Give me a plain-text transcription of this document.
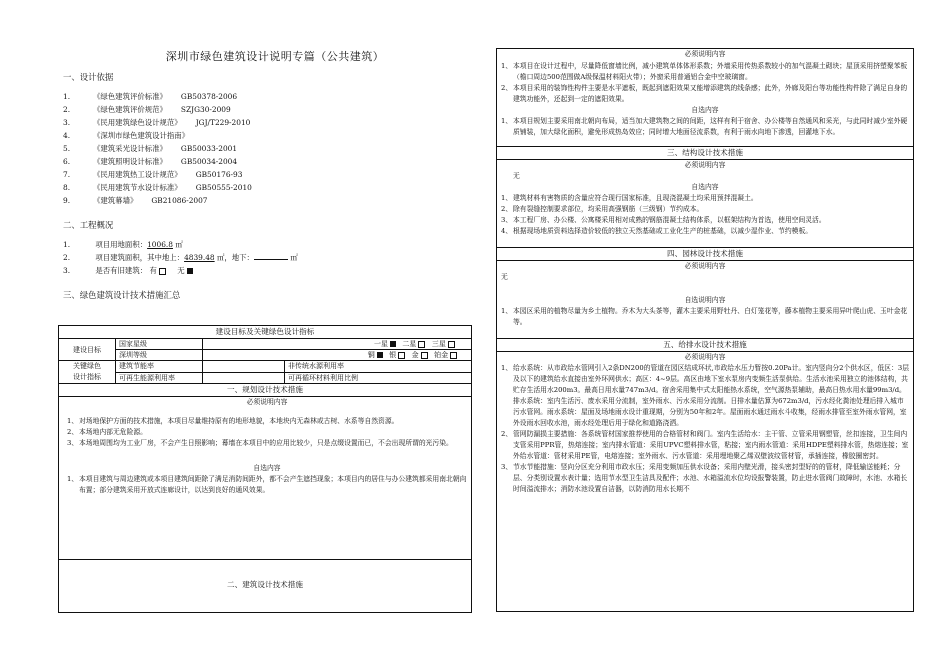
深圳市绿色建筑设计说明专篇（公共建筑）
一、设计依据
1.	《绿色建筑评价标准》 GB50378-2006
2.	《绿色建筑评价规范》 SZJG30-2009
3.	《民用建筑绿色设计规范》 JGJ/T229-2010
4.	《深圳市绿色建筑设计指南》
5.	《建筑采光设计标准》 GB50033-2001
6.	《建筑照明设计标准》 GB50034-2004
7.	《民用建筑热工设计规范》 GB50176-93
8.	《民用建筑节水设计标准》 GB50555-2010
9.	《建筑幕墙》 GB21086-2007
二、工程概况
1.	项目用地面积：1006.8 ㎡
2.	项目建筑面积，其中地上：4839.48 ㎡，地下：	㎡
3.	是否有旧建筑： 有	无
三、绿色建筑设计技术措施汇总
建设目标及关键绿色设计指标
建设目标	国家星级	一星 二星 三星	
	深圳等级	铜 银 金 铂金	

关键绿色
设计指标	建筑节能率		非传统水源利用率
	可再生能源利用率		可再循环材料利用比例
一、规划设计技术措施
必须说明内容
1、 对场地保护方面的技术措施，本项目尽量维持原有的地形地貌，本地块内无森林或古树、水系等自然资源。
2、 本场地内部无危险源。
3、 本场地周围均为工业厂房，不会产生日照影响；幕墙在本项目中的应用比较少，只是点缀设置而已，不会出现所谓的光污染。
自选内容
1、 本项目建筑与周边建筑或本项目建筑间距除了满足消防间距外，都不会产生遮挡现象；本项目内的居住与办公建筑都采用南北朝向布置；部分建筑采用开放式连廊设计，以达到良好的通风效果。
二、建筑设计技术措施
必须说明内容
1、 本项目在设计过程中，尽量降低窗墙比例，减小建筑单体体形系数；外墙采用传热系数较小的加气混凝土砌块；屋顶采用挤塑聚苯板（檐口周边500范围做A级保温材料阳火带）；外窗采用普通铝合金中空玻璃窗。
2、 本项目采用的装饰性构件主要是水平遮板，既起到遮阳效果又能增添建筑的线条感；此外，外廊及阳台等功能性构件除了满足自身的建筑功能外，还起到一定的遮阳效果。
自选内容
1、 本项目规划主要采用南北朝向布局，适当加大建筑物之间的间距，这样有利于宿舍、办公楼等自然通风和采光，与此同时减少室外硬质铺装，加大绿化面积，避免形成热岛效应；同时增大地面径流系数，有利于雨水向地下渗透，回灌地下水。
三、结构设计技术措施
必须说明内容
无
自选内容
1、 建筑材料有害物质的含量应符合现行国家标准，且现浇混凝土均采用预拌混凝土。
2、 除有裂缝控制要求部位，均采用高强钢筋（三级钢）节约成本。
3、 本工程厂房、办公楼、公寓楼采用相对成熟的钢筋混凝土结构体系，以框架结构为首选，使用空间灵活。
4、 根据现场地质资料选择造价较低的独立天然基础或工业化生产的桩基础，以减少湿作业、节约模板。
四、园林设计技术措施
必须说明内容
无
自选说明内容
1、 本园区采用的植物尽量为乡土植物。乔木为大头茶等，灌木主要采用野牡丹、白灯笼花等，藤本植物主要采用异叶爬山虎、玉叶金花等。
五、给排水设计技术措施
必须说明内容
1、 给水系统：从市政给水管网引入2条DN200的管道在园区结成环状,市政给水压力暂按0.20Pa计。室内竖向分2个供水区，低区：3层及以下的建筑给水直接由室外环网供水；高区：4~9层。高区由地下室水泵房内变频生活泵供给。生活水池采用独立的池体结构，共贮存生活用水200m3。最高日用水量747m3/d。宿舍采用集中式太阳能热水系统，空气源热泵辅助，最高日热水用水量99m3/d。排水系统：室内生活污、废水采用分流制，室外雨水、污水采用分流制。日排水量估算为672m3/d，污水经化粪池处理后排入城市污水管网。雨水系统：屋面及场地雨水设计重现期，分别为50年和2年。屋面雨水通过雨水斗收集，经雨水排管至室外雨水管网，室外设雨水回收水池，雨水经处理后用于绿化和道路浇洒。
2、 管网防漏损主要措施：各系统管材国家推荐使用的合格管材和阀门。室内生活给水：主干管、立管采用钢塑管，丝扣连接，卫生间内支管采用PPR管，热熔连接；室内排水管道：采用UPVC塑料排水管，粘接；室内雨水管道：采用HDPE塑料排水管，热熔连接；室外给水管道：管材采用PE管，电熔连接；室外雨水、污水管道：采用埋地聚乙烯双壁波纹管材管，承插连接，橡胶圈密封。
3、 节水节能措施：竖向分区充分利用市政水压；采用变频加压供水设备；采用内壁光滑，接头密封型好的的管材，降低输送能耗；分层、分类别设置水表计量；选用节水型卫生洁具及配件；水池、水箱溢流水位均设报警装置，防止进水管阀门故障时，水池、水箱长时间溢流排水；消防水池设置自洁器，以防消防用水长期不
